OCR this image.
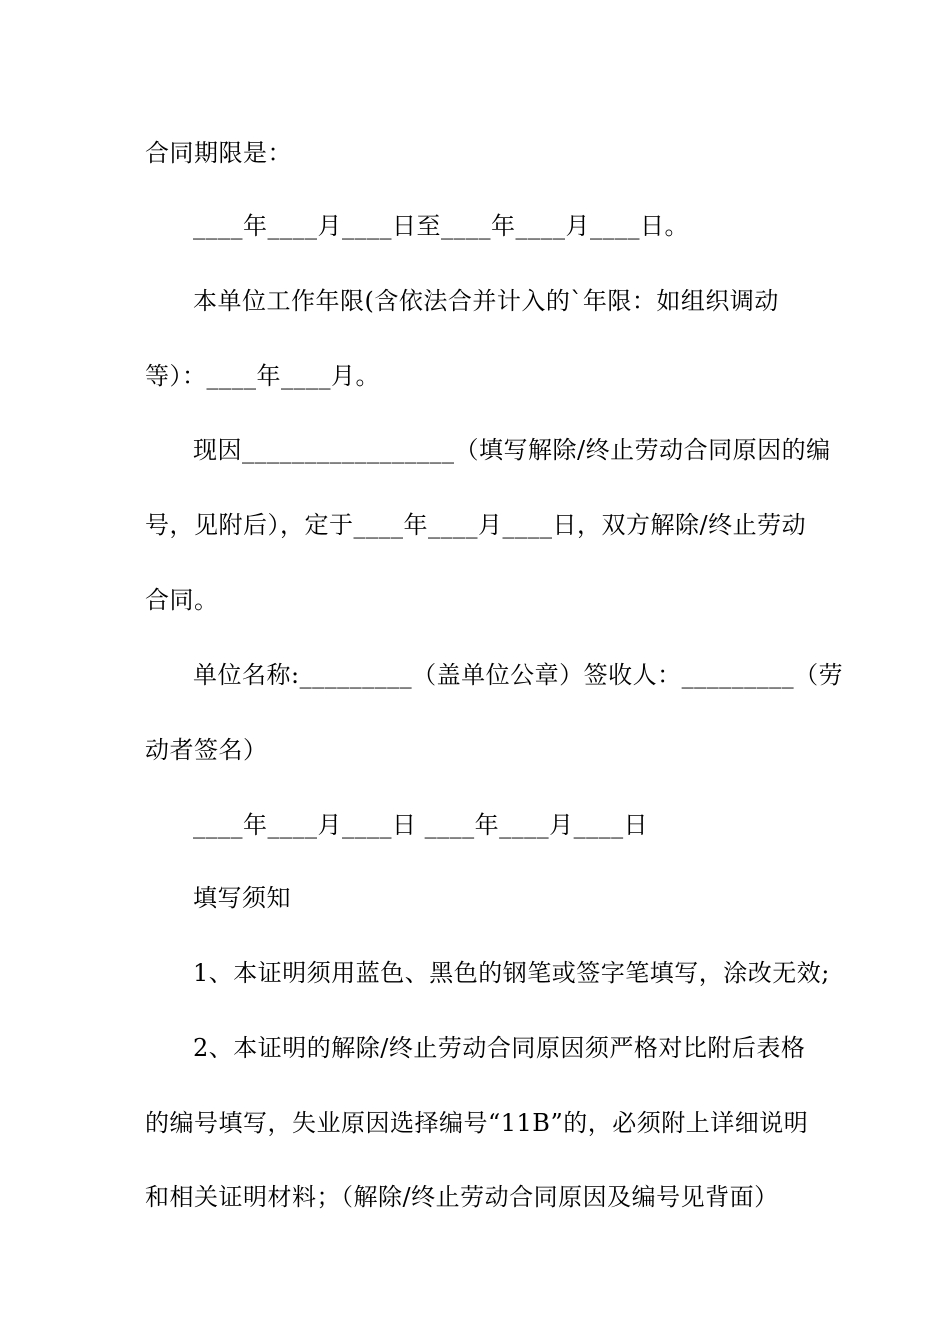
合同期限是：
____年____月____日至____年____月____日。
本单位工作年限(含依法合并计入的`年限：如组织调动
等）：____年____月。
现因_________________（填写解除/终止劳动合同原因的编
号，见附后），定于____年____月____日，双方解除/终止劳动
合同。
单位名称:_________（盖单位公章）签收人：_________（劳
动者签名）
____年____月____日 ____年____月____日
填写须知
1、本证明须用蓝色、黑色的钢笔或签字笔填写，涂改无效;
2、本证明的解除/终止劳动合同原因须严格对比附后表格
的编号填写，失业原因选择编号“11B”的，必须附上详细说明
和相关证明材料；（解除/终止劳动合同原因及编号见背面）
